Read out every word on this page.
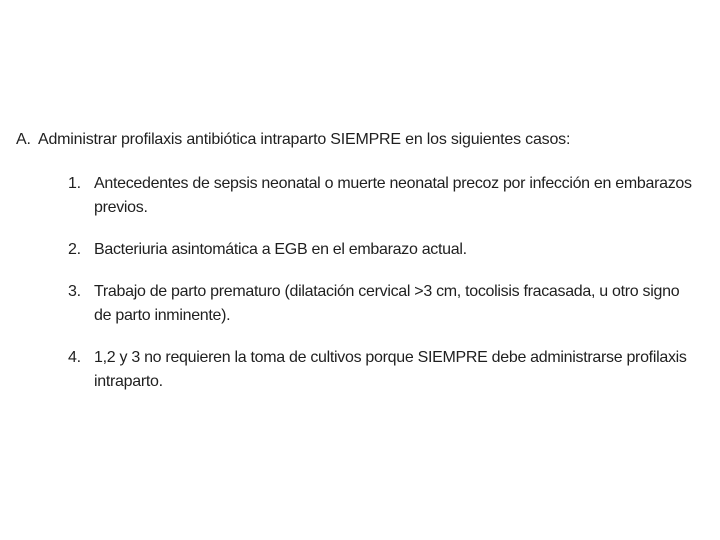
A. Administrar profilaxis antibiótica intraparto SIEMPRE en los siguientes casos:
1. Antecedentes de sepsis neonatal o muerte neonatal precoz por infección en embarazos previos.
2. Bacteriuria asintomática a EGB en el embarazo actual.
3. Trabajo de parto prematuro (dilatación cervical >3 cm, tocolisis fracasada, u otro signo de parto inminente).
4. 1,2 y 3 no requieren la toma de cultivos porque SIEMPRE debe administrarse profilaxis intraparto.
